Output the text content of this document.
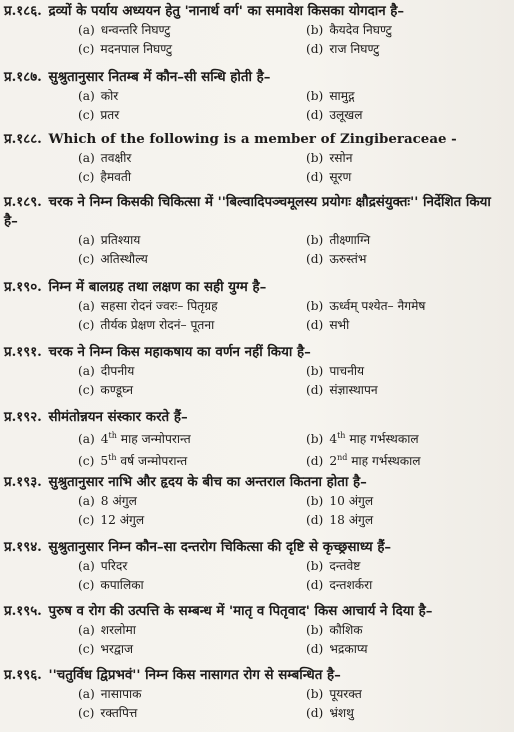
प्र.१८६. द्रव्यों के पर्याय अध्ययन हेतु 'नानार्थ वर्ग' का समावेश किसका योगदान है–
(a) धन्वन्तरि निघण्टु	(b) कैयदेव निघण्टु
(c) मदनपाल निघण्टु	(d) राज निघण्टु
प्र.१८७. सुश्रुतानुसार नितम्ब में कौन–सी सन्धि होती है–
(a) कोर	(b) सामुद्ग
(c) प्रतर	(d) उलूखल
प्र.१८८. Which of the following is a member of Zingiberaceae -
(a) तवक्षीर	(b) रसोन
(c) हैमवती	(d) सूरण
प्र.१८९. चरक ने निम्न किसकी चिकित्सा में ''बिल्वादिपञ्चमूलस्य प्रयोगः क्षौद्रसंयुक्तः'' निर्देशित किया है–
(a) प्रतिश्याय	(b) तीक्ष्णाग्नि
(c) अतिस्थौल्य	(d) ऊरुस्तंभ
प्र.१९०. निम्न में बालग्रह तथा लक्षण का सही युग्म है–
(a) सहसा रोदनं ज्वरः– पितृग्रह	(b) ऊर्ध्वम् पश्येत– नैगमेष
(c) तीर्यक प्रेक्षण रोदनं– पूतना	(d) सभी
प्र.१९१. चरक ने निम्न किस महाकषाय का वर्णन नहीं किया है–
(a) दीपनीय	(b) पाचनीय
(c) कण्डूघ्न	(d) संज्ञास्थापन
प्र.१९२. सीमंतोन्नयन संस्कार करते हैं–
(a) 4th माह जन्मोपरान्त	(b) 4th माह गर्भस्थकाल
(c) 5th वर्ष जन्मोपरान्त	(d) 2nd माह गर्भस्थकाल
प्र.१९३. सुश्रुतानुसार नाभि और हृदय के बीच का अन्तराल कितना होता है–
(a) 8 अंगुल	(b) 10 अंगुल
(c) 12 अंगुल	(d) 18 अंगुल
प्र.१९४. सुश्रुतानुसार निम्न कौन–सा दन्तरोग चिकित्सा की दृष्टि से कृच्छ्रसाध्य हैं–
(a) परिदर	(b) दन्तवेष्ट
(c) कपालिका	(d) दन्तशर्करा
प्र.१९५. पुरुष व रोग की उत्पत्ति के सम्बन्ध में 'मातृ व पितृवाद' किस आचार्य ने दिया है–
(a) शरलोमा	(b) कौशिक
(c) भरद्वाज	(d) भद्रकाप्य
प्र.१९६. ''चतुर्विध द्विप्रभवं'' निम्न किस नासागत रोग से सम्बन्धित है–
(a) नासापाक	(b) पूयरक्त
(c) रक्तपित्त	(d) भ्रंशथु
